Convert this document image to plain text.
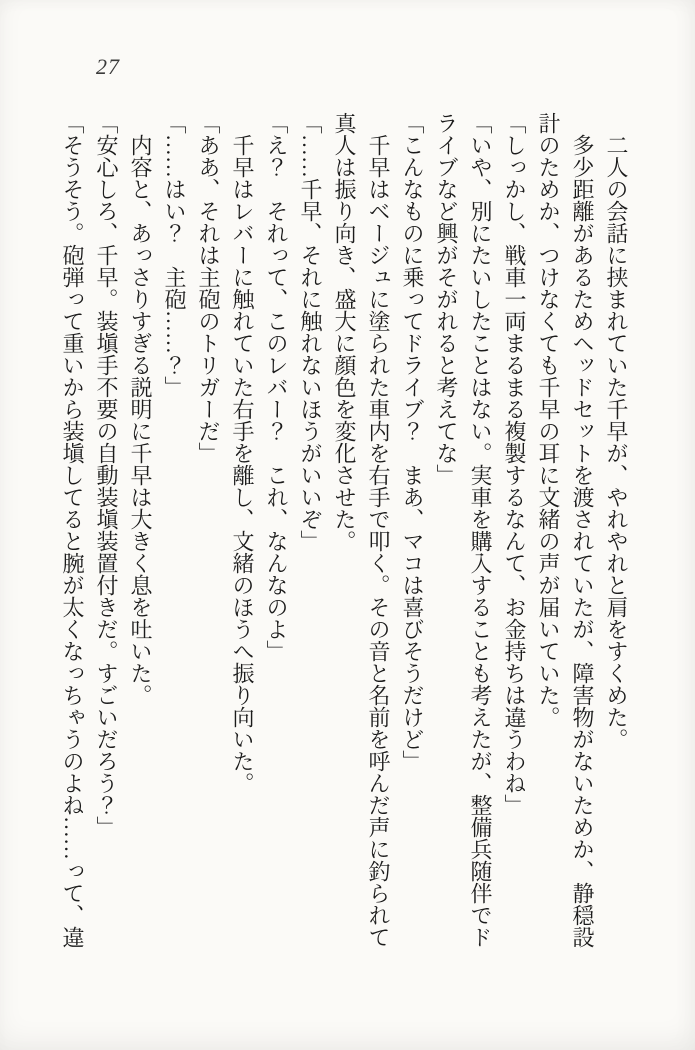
27
　二人の会話に挟まれていた千早が、やれやれと肩をすくめた。
　多少距離があるためヘッドセットを渡されていたが、障害物がないためか、静穏設
計のためか、つけなくても千早の耳に文緒の声が届いていた。
「しっかし、戦車一両まるまる複製するなんて、お金持ちは違うわね」
「いや、別にたいしたことはない。実車を購入することも考えたが、整備兵随伴でド
ライブなど興がそがれると考えてな」
「こんなものに乗ってドライブ？　まあ、マコは喜びそうだけど」
　千早はベージュに塗られた車内を右手で叩く。その音と名前を呼んだ声に釣られて
真人は振り向き、盛大に顔色を変化させた。
「……千早、それに触れないほうがいいぞ」
「え？　それって、このレバー？　これ、なんなのよ」
　千早はレバーに触れていた右手を離し、文緒のほうへ振り向いた。
「ああ、それは主砲のトリガーだ」
「……はい？　主砲……？」
　内容と、あっさりすぎる説明に千早は大きく息を吐いた。
「安心しろ、千早。装塡手不要の自動装塡装置付きだ。すごいだろう？」
「そうそう。砲弾って重いから装塡してると腕が太くなっちゃうのよね……って、違
